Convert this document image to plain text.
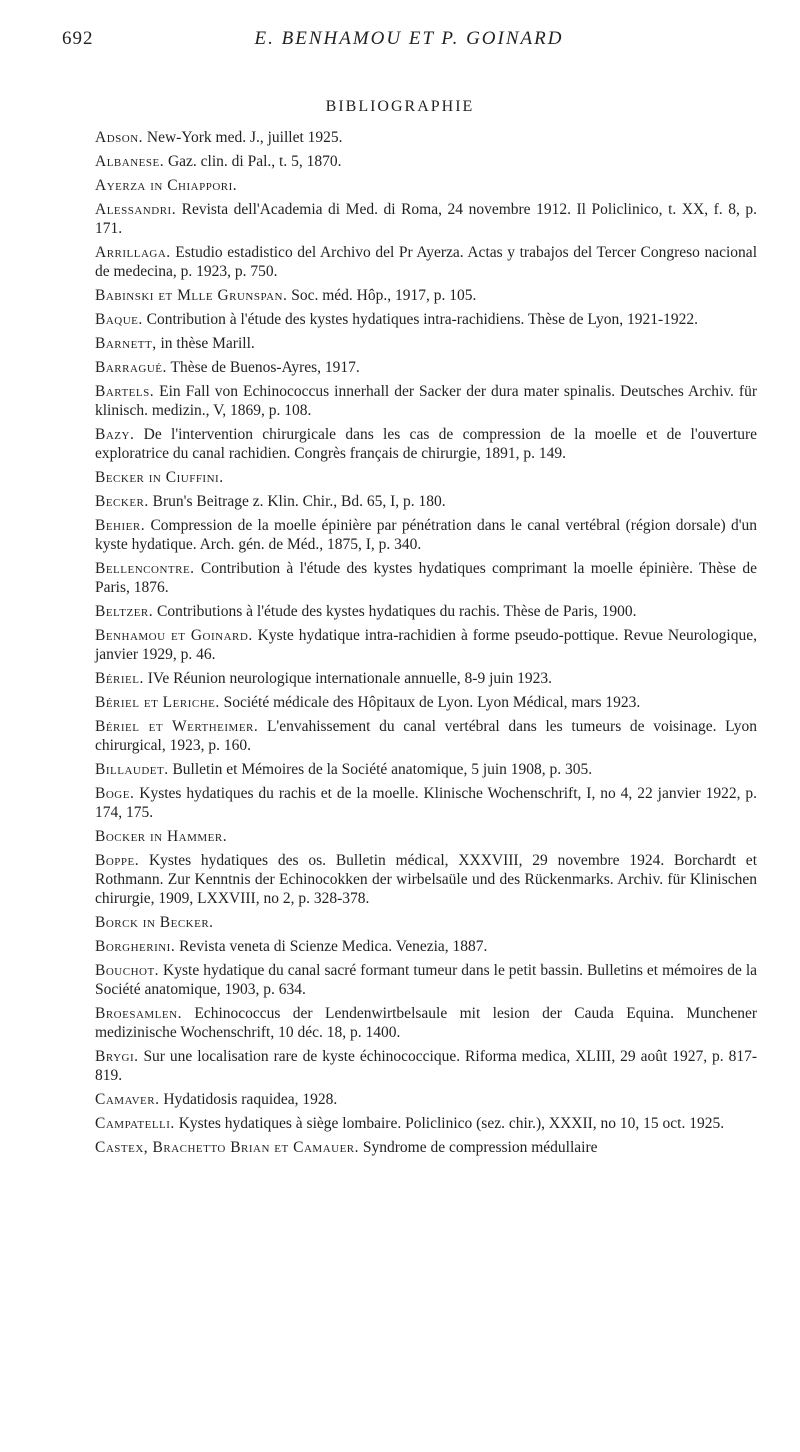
692	E. BENHAMOU ET P. GOINARD
BIBLIOGRAPHIE

Adson. New-York med. J., juillet 1925.

Albanese. Gaz. clin. di Pal., t. 5, 1870.

Ayerza in Chiappori.

Alessandri. Revista dell'Academia di Med. di Roma, 24 novembre 1912. Il Policlinico, t. XX, f. 8, p. 171.

Arrillaga. Estudio estadistico del Archivo del Pr Ayerza. Actas y trabajos del Tercer Congreso nacional de medecina, p. 1923, p. 750.

Babinski et Mlle Grunspan. Soc. méd. Hôp., 1917, p. 105.

Baque. Contribution à l'étude des kystes hydatiques intra-rachidiens. Thèse de Lyon, 1921-1922.

Barnett, in thèse Marill.

Barragué. Thèse de Buenos-Ayres, 1917.

Bartels. Ein Fall von Echinococcus innerhall der Sacker der dura mater spinalis. Deutsches Archiv. für klinisch. medizin., V, 1869, p. 108.

Bazy. De l'intervention chirurgicale dans les cas de compression de la moelle et de l'ouverture exploratrice du canal rachidien. Congrès français de chirurgie, 1891, p. 149.

Becker in Ciuffini.

Becker. Brun's Beitrage z. Klin. Chir., Bd. 65, I, p. 180.

Behier. Compression de la moelle épinière par pénétration dans le canal vertébral (région dorsale) d'un kyste hydatique. Arch. gén. de Méd., 1875, I, p. 340.

Bellencontre. Contribution à l'étude des kystes hydatiques comprimant la moelle épinière. Thèse de Paris, 1876.

Beltzer. Contributions à l'étude des kystes hydatiques du rachis. Thèse de Paris, 1900.

Benhamou et Goinard. Kyste hydatique intra-rachidien à forme pseudo-pottique. Revue Neurologique, janvier 1929, p. 46.

Bériel. IVe Réunion neurologique internationale annuelle, 8-9 juin 1923.

Bériel et Leriche. Société médicale des Hôpitaux de Lyon. Lyon Médical, mars 1923.

Bériel et Wertheimer. L'envahissement du canal vertébral dans les tumeurs de voisinage. Lyon chirurgical, 1923, p. 160.

Billaudet. Bulletin et Mémoires de la Société anatomique, 5 juin 1908, p. 305.

Boge. Kystes hydatiques du rachis et de la moelle. Klinische Wochenschrift, I, no 4, 22 janvier 1922, p. 174, 175.

Bocker in Hammer.

Boppe. Kystes hydatiques des os. Bulletin médical, XXXVIII, 29 novembre 1924. Borchardt et Rothmann. Zur Kenntnis der Echinocokken der wirbelsaüle und des Rückenmarks. Archiv. für Klinischen chirurgie, 1909, LXXVIII, no 2, p. 328-378.

Borck in Becker.

Borgherini. Revista veneta di Scienze Medica. Venezia, 1887.

Bouchot. Kyste hydatique du canal sacré formant tumeur dans le petit bassin. Bulletins et mémoires de la Société anatomique, 1903, p. 634.

Broesamlen. Echinococcus der Lendenwirtbelsaule mit lesion der Cauda Equina. Munchener medizinische Wochenschrift, 10 déc. 18, p. 1400.

Brygi. Sur une localisation rare de kyste échinococcique. Riforma medica, XLIII, 29 août 1927, p. 817-819.

Camaver. Hydatidosis raquidea, 1928.

Campatelli. Kystes hydatiques à siège lombaire. Policlinico (sez. chir.), XXXII, no 10, 15 oct. 1925.

Castex, Brachetto Brian et Camauer. Syndrome de compression médullaire
